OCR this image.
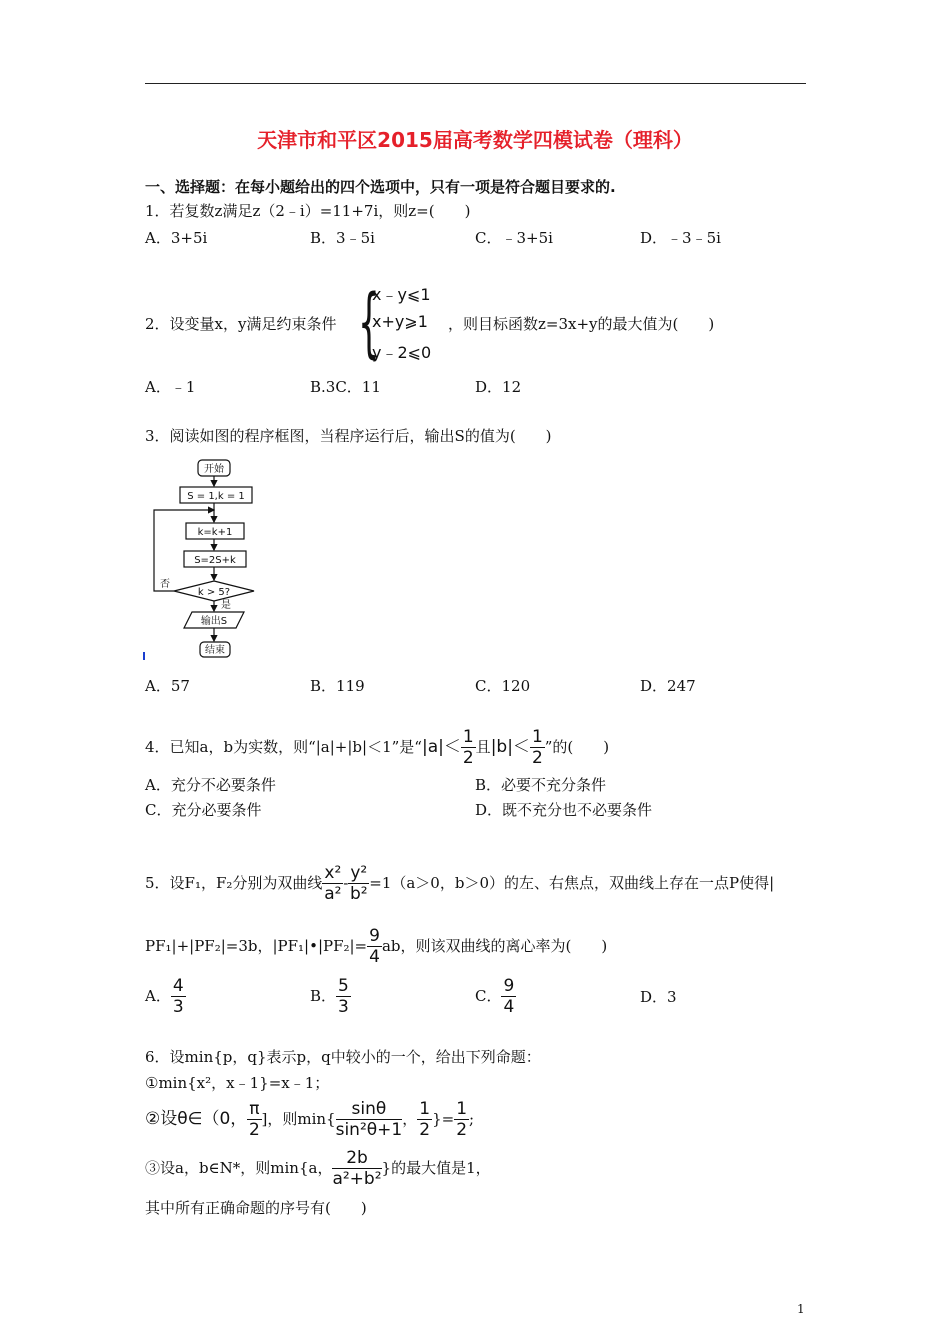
天津市和平区2015届高考数学四模试卷（理科）
一、选择题：在每小题给出的四个选项中，只有一项是符合题目要求的.
1．若复数z满足z（2﹣i）=11+7i，则z=(　　)
A．3+5i	B．3﹣5i	C．﹣3+5i	D．﹣3﹣5i
2．设变量x，y满足约束条件 {
x﹣y⩽1
x+y⩾1
y﹣2⩽0
，则目标函数z=3x+y的最大值为(　　)
A．﹣1	B.3C．11	D．12
3．阅读如图的程序框图，当程序运行后，输出S的值为(　　)
开始
S = 1,k = 1
k=k+1
S=2S+k
k > 5?
否
是
输出S
结束
A．57	B．119	C．120	D．247
4．已知a，b为实数，则“|a|+|b|＜1”是“ $|a|< \frac{1}{2}$ 且 $|b|< \frac{1}{2}$ ”的(　　)
A．充分不必要条件	B．必要不充分条件
C．充分必要条件	D．既不充分也不必要条件
5．设F₁，F₂分别为双曲线 $\frac{\text{x²}}{\text{a²}} - \frac{\text{y²}}{\text{b²}} =1(a>0$，b＞0）的左、右焦点，双曲线上存在一点P使得|
PF₁|+|PF₂|=3b，|PF₁|•|PF₂|= $\frac{9}{4}$ ab，则该双曲线的离心率为(　　)
A． $\frac{4}{3}$	B． $\frac{5}{3}$	C． $\frac{9}{4}$	D．3
6．设min{p，q}表示p，q中较小的一个，给出下列命题：
①min{x²，x﹣1}=x﹣1；
②设θ∈（0， $\frac{\pi}{2}$ ]，则$\min\{ \frac{\sin\theta}{\text{sin²θ+1}}$ ， $\frac{1}{2}$ }= $\frac{1}{2}$ ;
③设a，b∈N*，则min{a， $\frac{2b}{\text{a²+b²}}$ }的最大值是1，
其中所有正确命题的序号有(　　)
1
